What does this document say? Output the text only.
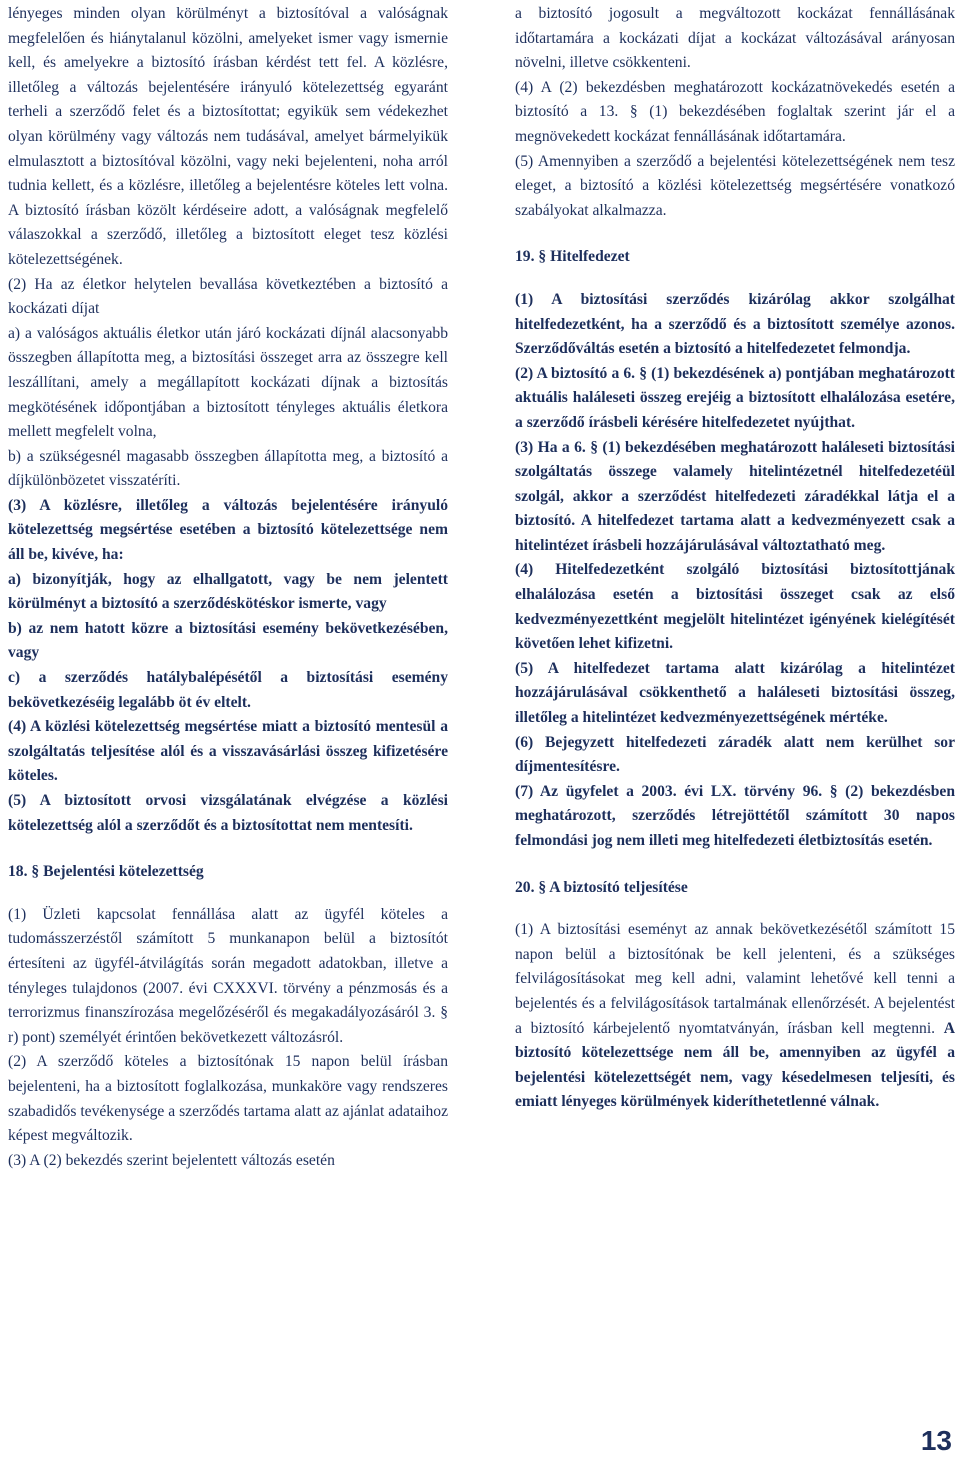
lényeges minden olyan körülményt a biztosítóval a valóságnak megfelelően és hiánytalanul közölni, amelyeket ismer vagy ismernie kell, és amelyekre a biztosító írásban kérdést tett fel. A közlésre, illetőleg a változás bejelentésére irányuló kötelezettség egyaránt terheli a szerződő felet és a biztosítottat; egyikük sem védekezhet olyan körülmény vagy változás nem tudásával, amelyet bármelyikük elmulasztott a biztosítóval közölni, vagy neki bejelenteni, noha arról tudnia kellett, és a közlésre, illetőleg a bejelentésre köteles lett volna. A biztosító írásban közölt kérdéseire adott, a valóságnak megfelelő válaszokkal a szerződő, illetőleg a biztosított eleget tesz közlési kötelezettségének.

(2) Ha az életkor helytelen bevallása következtében a biztosító a kockázati díjat

a) a valóságos aktuális életkor után járó kockázati díjnál alacsonyabb összegben állapította meg, a biztosítási összeget arra az összegre kell leszállítani, amely a megállapított kockázati díjnak a biztosítás megkötésének időpontjában a biztosított tényleges aktuális életkora mellett megfelelt volna,

b) a szükségesnél magasabb összegben állapította meg, a biztosító a díjkülönbözetet visszatéríti.

(3) A közlésre, illetőleg a változás bejelentésére irányuló kötelezettség megsértése esetében a biztosító kötelezettsége nem áll be, kivéve, ha:

a) bizonyítják, hogy az elhallgatott, vagy be nem jelentett körülményt a biztosító a szerződéskötéskor ismerte, vagy

b) az nem hatott közre a biztosítási esemény bekövetkezésében, vagy

c) a szerződés hatálybalépésétől a biztosítási esemény bekövetkezéséig legalább öt év eltelt.

(4) A közlési kötelezettség megsértése miatt a biztosító mentesül a szolgáltatás teljesítése alól és a visszavásárlási összeg kifizetésére köteles.

(5) A biztosított orvosi vizsgálatának elvégzése a közlési kötelezettség alól a szerződőt és a biztosítottat nem mentesíti.

18. § Bejelentési kötelezettség

(1) Üzleti kapcsolat fennállása alatt az ügyfél köteles a tudomásszerzéstől számított 5 munkanapon belül a biztosítót értesíteni az ügyfél-átvilágítás során megadott adatokban, illetve a tényleges tulajdonos (2007. évi CXXXVI. törvény a pénzmosás és a terrorizmus finanszírozása megelőzéséről és megakadályozásáról 3. § r) pont) személyét érintően bekövetkezett változásról.

(2) A szerződő köteles a biztosítónak 15 napon belül írásban bejelenteni, ha a biztosított foglalkozása, munkaköre vagy rendszeres szabadidős tevékenysége a szerződés tartama alatt az ajánlat adataihoz képest megváltozik.

(3) A (2) bekezdés szerint bejelentett változás esetén

a biztosító jogosult a megváltozott kockázat fennállásának időtartamára a kockázati díjat a kockázat változásával arányosan növelni, illetve csökkenteni.

(4) A (2) bekezdésben meghatározott kockázatnövekedés esetén a biztosító a 13. § (1) bekezdésében foglaltak szerint jár el a megnövekedett kockázat fennállásának időtartamára.

(5) Amennyiben a szerződő a bejelentési kötelezettségének nem tesz eleget, a biztosító a közlési kötelezettség megsértésére vonatkozó szabályokat alkalmazza.

19. § Hitelfedezet

(1) A biztosítási szerződés kizárólag akkor szolgálhat hitelfedezetként, ha a szerződő és a biztosított személye azonos. Szerződőváltás esetén a biztosító a hitelfedezetet felmondja.

(2) A biztosító a 6. § (1) bekezdésének a) pontjában meghatározott aktuális haláleseti összeg erejéig a biztosított elhalálozása esetére, a szerződő írásbeli kérésére hitelfedezetet nyújthat.

(3) Ha a 6. § (1) bekezdésében meghatározott haláleseti biztosítási szolgáltatás összege valamely hitelintézetnél hitelfedezetéül szolgál, akkor a szerződést hitelfedezeti záradékkal látja el a biztosító. A hitelfedezet tartama alatt a kedvezményezett csak a hitelintézet írásbeli hozzájárulásával változtatható meg.

(4) Hitelfedezetként szolgáló biztosítási biztosítottjának elhalálozása esetén a biztosítási összeget csak az első kedvezményezettként megjelölt hitelintézet igényének kielégítését követően lehet kifizetni.

(5) A hitelfedezet tartama alatt kizárólag a hitelintézet hozzájárulásával csökkenthető a haláleseti biztosítási összeg, illetőleg a hitelintézet kedvezményezettségének mértéke.

(6) Bejegyzett hitelfedezeti záradék alatt nem kerülhet sor díjmentesítésre.

(7) Az ügyfelet a 2003. évi LX. törvény 96. § (2) bekezdésben meghatározott, szerződés létrejöttétől számított 30 napos felmondási jog nem illeti meg hitelfedezeti életbiztosítás esetén.

20. § A biztosító teljesítése

(1) A biztosítási eseményt az annak bekövetkezésétől számított 15 napon belül a biztosítónak be kell jelenteni, és a szükséges felvilágosításokat meg kell adni, valamint lehetővé kell tenni a bejelentés és a felvilágosítások tartalmának ellenőrzését. A bejelentést a biztosító kárbejelentő nyomtatványán, írásban kell megtenni. A biztosító kötelezettsége nem áll be, amennyiben az ügyfél a bejelentési kötelezettségét nem, vagy késedelmesen teljesíti, és emiatt lényeges körülmények kideríthetetlenné válnak.

13
